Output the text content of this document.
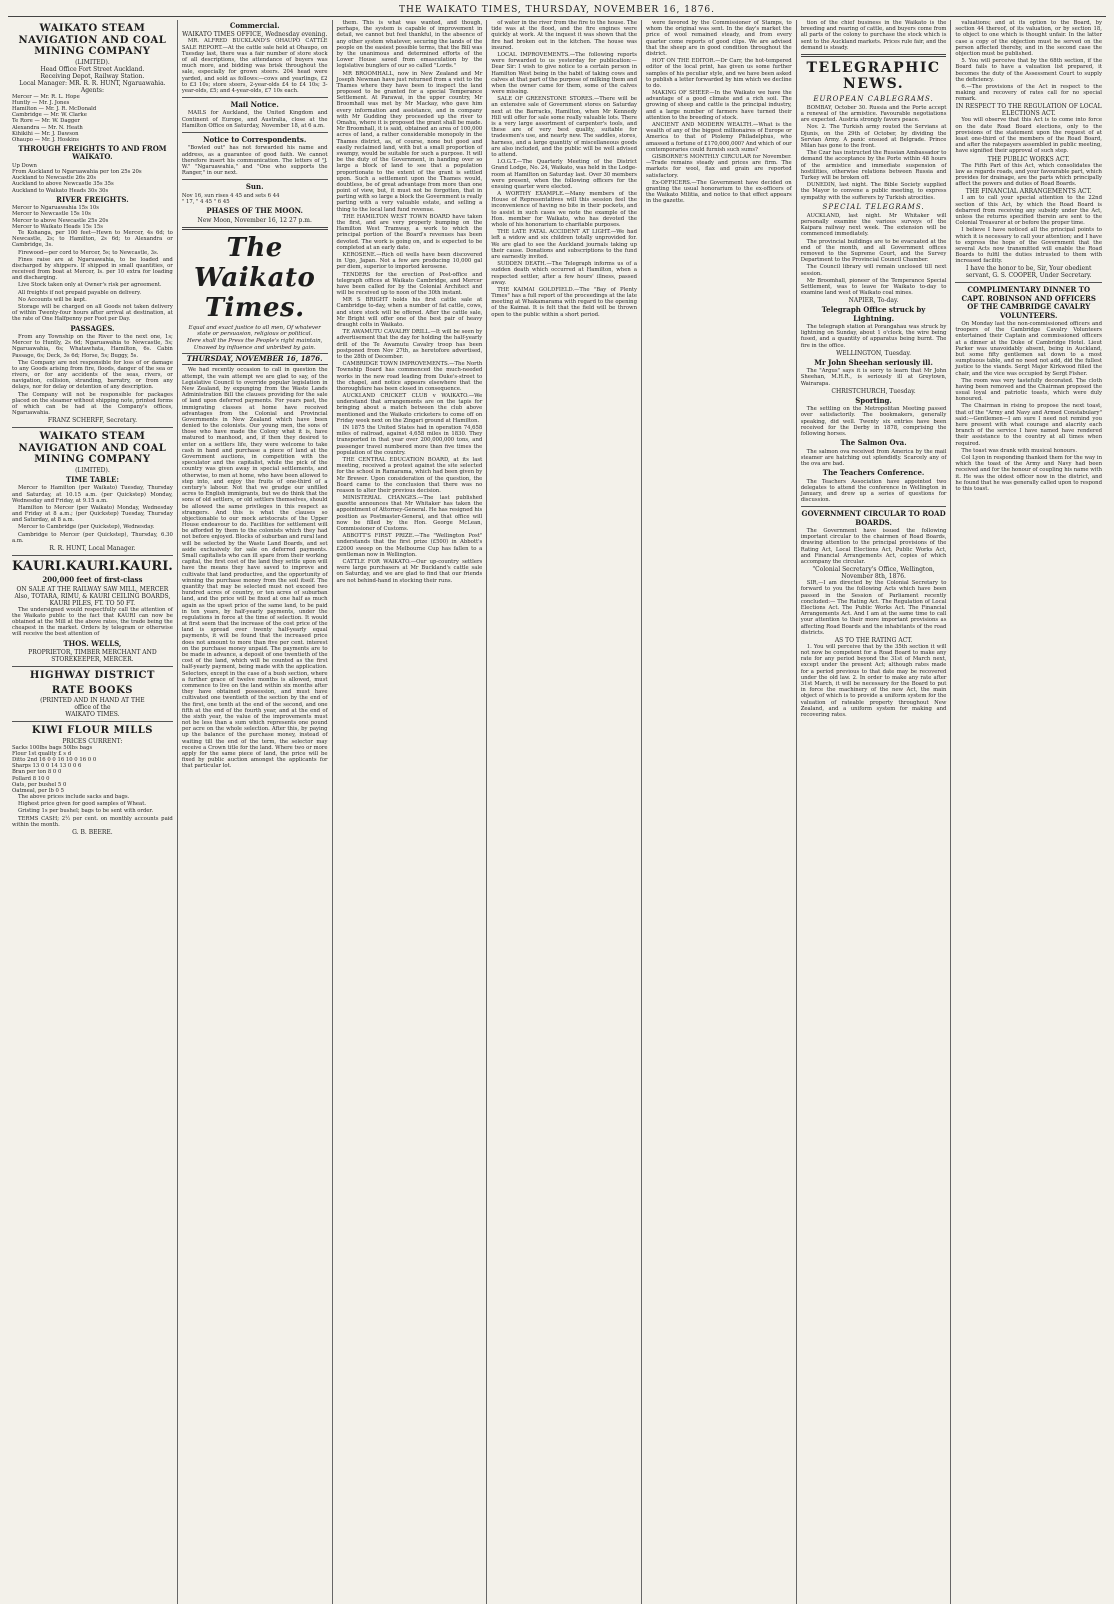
THE WAIKATO TIMES, THURSDAY, NOVEMBER 16, 1876.
WAIKATO STEAM NAVIGATION AND COAL MINING COMPANY
(LIMITED).
Head Office Fort Street Auckland.
Receiving Depot, Railway Station.
Local Manager: MR. R. R. HUNT, Ngaruawahia.
Agents:
Mercer — Mr. R. L. Hope
Huntly — Mr. J. Jones
Hamilton — Mr. J. R. McDonald
Cambridge — Mr. W. Clarke
Te Rore — Mr. W. Dagger
Alexandra — Mr. N. Heath
Kihikihi — Mr. J. Dawson
Ohaupo — Mr. J. Hoskins
THROUGH FREIGHTS TO AND FROM WAIKATO.
Up Down
From Auckland to Ngaruawahia per ton 25s 20s
Auckland to Newcastle 26s 20s
Auckland to above Newcastle 35s 35s
Auckland to Waikato Heads 30s 30s
RIVER FREIGHTS.
Mercer to Ngaruawahia 15s 10s
Mercer to Newcastle 15s 10s
Mercer to above Newcastle 25s 20s
Mercer to Waikato Heads 15s 15s

Te Kohanga, per 100 feet—Hewn to Mercer, 4s 6d; to Newcastle, 2s; to Hamilton, 2s 6d; to Alexandra or Cambridge, 3s.

Firewood—per cord to Mercer, 5s; to Newcastle, 3s.

Fines raise are at Ngaruawahia, to be loaded and discharged by shippers. If shipped in small quantities, or received from boat at Mercer, Is. per 10 extra for loading and discharging.

Live Stock taken only at Owner's risk per agreement.

All freights if not prepaid payable on delivery.

No Accounts will be kept.

Storage will be charged on all Goods not taken delivery of within Twenty-four hours after arrival at destination, at the rate of One Halfpenny per Foot per Day.

PASSAGES.

From any Township on the River to the next one, 1s; Mercer to Huntly, 2s 6d; Ngaruawahia to Newcastle, 5s; Ngaruawahia, 6s; Whatawhata, Hamilton, 6s. Cabin Passage, 6s; Deck, 3s 6d; Horse, 5s; Buggy, 5s.

The Company are not responsible for loss of or damage to any Goods arising from fire, floods, danger of the sea or rivers, or for any accidents of the seas, rivers, or navigation, collision, stranding, barratry, or from any delays, nor for delay or detention of any description.

The Company will not be responsible for packages placed on the steamer without shipping note, printed forms of which can be had at the Company's offices, Ngaruawahia.

FRANZ SCHERFF, Secretary.
WAIKATO STEAM NAVIGATION AND COAL MINING COMPANY
(LIMITED).
TIME TABLE:

Mercer to Hamilton (per Waikato) Tuesday, Thursday and Saturday, at 10.15 a.m. (per Quickstep) Monday, Wednesday and Friday, at 9.15 a.m.

Hamilton to Mercer (per Waikato) Monday, Wednesday and Friday at 8 a.m.; (per Quickstep) Tuesday, Thursday and Saturday, at 8 a.m.

Mercer to Cambridge (per Quickstep), Wednesday.

Cambridge to Mercer (per Quickstep), Thursday, 6.30 a.m.

R. R. HUNT, Local Manager.
KAURI. KAURI. KAURI.
200,000 feet of first-class
ON SALE AT THE RAILWAY SAW MILL, MERCER
Also, TOTARA, RIMU, & KAURI CEILING BOARDS, KAURI PILES, FT. TO 50 FT.

The undersigned would respectfully call the attention of the Waikato public to the fact that KAURI can now be obtained at the Mill at the above rates, the trade being the cheapest in the market. Orders by telegram or otherwise will receive the best attention of

THOS. WELLS,
PROPRIETOR, TIMBER MERCHANT AND STOREKEEPER, MERCER.
HIGHWAY DISTRICT
RATE BOOKS
(PRINTED AND IN HAND AT THE
office of the
WAIKATO TIMES.
KIWI FLOUR MILLS
PRICES CURRENT:
Sacks 100lbs bags 50lbs bags
Flour 1st quality £ s d
Ditto 2nd 16 0 0 16 10 0 16 0 0
Sharps 13 0 0 14 13 0 0 6
Bran per ton 8 0 0
Pollard 8 10 0
Oats, per bushel 5 0
Oatmeal, per lb 0 5

The above prices include sacks and bags.

Highest price given for good samples of Wheat.

Gristing 1s per bushel; bags to be sent with order.

TERMS CASH; 2½ per cent. on monthly accounts paid within the month.

G. B. BEERE.
Commercial.
WAIKATO TIMES OFFICE, Wednesday evening.

MR. ALFRED BUCKLAND'S OHAUPO CATTLE SALE REPORT.—At the cattle sale held at Ohaupo, on Tuesday last, there was a fair number of store stock of all descriptions, the attendance of buyers was much more, and bidding was brisk throughout the sale, especially for grown steers. 204 head were yarded, and sold as follows:—cows and yearlings, £2 to £3 10s; store steers, 2-year-olds £4 to £4 10s; 3-year-olds, £5; and 4-year-olds, £7 10s each.

Mail Notice.

MAILS for Auckland, the United Kingdom and Continent of Europe, and Australia, close at the Hamilton Office on Saturday, November 18, at 6 a.m.

Notice to Correspondents.

"Bowled out" has not forwarded his name and address, as a guarantee of good faith. We cannot therefore insert his communication. The letters of "J. W." "Ngaruawahia," and "One who supports the Ranger," in our next.

Sun.
Nov 16, sun rises 4 45 and sets 6 44
" 17, " 4 45 " 6 45
PHASES OF THE MOON.
New Moon, November 16, 12 27 p.m.
The Waikato Times.
Equal and exact justice to all men, Of whatever state or persuasion, religious or political.
Here shall the Press the People's right maintain, Unawed by influence and unbribed by gain.
THURSDAY, NOVEMBER 16, 1876.

We had recently occasion to call in question the attempt, the vain attempt we are glad to say, of the Legislative Council to override popular legislation in New Zealand, by expunging from the Waste Lands Administration Bill the clauses providing for the sale of land upon deferred payments. For years past, the immigrating classes at home have received advantages from the Colonial and Provincial Governments in New Zealand which have been denied to the colonists. Our young men, the sons of those who have made the Colony what it is, have matured to manhood, and, if then they desired to enter on a settlers life, they were welcome to take cash in hand and purchase a piece of land at the Government auctions, in competition with the speculator and the capitalist, while the pick of the country was given away in special settlements, and otherwise, to men at home, who have been allowed to step into, and enjoy the fruits of one-third of a century's labour. Not that we grudge our unfilled acres to English immigrants, but we do think that the sons of old settlers, or old settlers themselves, should be allowed the same privileges in this respect as strangers. And this is what the clauses so objectionable to our mock aristocrats of the Upper House endeavour to do. Facilities for settlement will be afforded by them to the colonists which they had not before enjoyed. Blocks of suburban and rural land will be selected by the Waste Land Boards, and set aside exclusively for sale on deferred payments. Small capitalists who can ill spare from their working capital, the first cost of the land they settle upon will have the means they have saved to improve and cultivate that land productive, and the opportunity of winning the purchase money from the soil itself. The quantity that may be selected must not exceed two hundred acres of country, or ten acres of suburban land, and the price will be fixed at one half as much again as the upset price of the same land, to be paid in ten years, by half-yearly payments, under the regulations in force at the time of selection. It would at first seem that the increase of the cost price of the land is spread over twenty half-yearly equal payments, it will be found that the increased price does not amount to more than five per cent. interest on the purchase money unpaid. The payments are to be made in advance, a deposit of one twentieth of the cost of the land, which will be counted as the first half-yearly payment, being made with the application. Selectors, except in the case of a bush section, where a further grace of twelve months is allowed, must commence to live on the land within six months after they have obtained possession, and must have cultivated one twentieth of the section by the end of the first, one tenth at the end of the second, and one fifth at the end of the fourth year, and at the end of the sixth year, the value of the improvements must not be less than a sum which represents one pound per acre on the whole selection. After this, by paying up the balance of the purchase money, instead of waiting till the end of the term, the selector may receive a Crown title for the land. Where two or more apply for the same piece of land, the price will be fixed by public auction amongst the applicants for that particular lot.

them. This is what was wanted, and though, perhaps, the system is capable of improvement in detail, we cannot but feel thankful, in the absence of any other system whatever, securing the lands of the people on the easiest possible terms, that the Bill was by the unanimous and determined efforts of the Lower House saved from emasculation by the legislative bunglers of our so called "Lords."

MR BROOMHALL, now in New Zealand and Mr Joseph Newman have just returned from a visit to the Thames where they have been to inspect the land proposed to be granted for a special Temperance Settlement. At Parawai, in the upper country, Mr Broomhall was met by Mr Mackay, who gave him every information and assistance, and in company with Mr Gudding they proceeded up the river to Omahu, where it is proposed the grant shall be made. Mr Broomhall, it is said, obtained an area of 100,000 acres of land, a rather considerable monopoly in the Thames district, as, of course, none but good and easily reclaimed land, with but a small proportion of swampy, would be suitable for such a purpose. It will be the duty of the Government, in handing over so large a block of land to see that a population proportionate to the extent of the grant is settled upon. Such a settlement upon the Thames would, doubtless, be of great advantage from more than one point of view, but, it must not be forgotten, that in parting with so large a block the Government is really parting with a very valuable estate, and selling a thing to the local land fund revenue.

THE HAMILTON WEST TOWN BOARD have taken the first, and are very properly bumping on the Hamilton West Tramway, a work to which the principal portion of the Board's revenues has been devoted. The work is going on, and is expected to be completed at an early date.

KEROSENE.—Rich oil wells have been discovered in Ugo, Japan. Not a few are producing 10,000 gal per diem, superior to imported kerosene.

TENDERS for the erection of Post-office and telegraph offices at Waikato Cambridge, and Mercer have been called for by the Colonial Architect and will be received up to noon of the 30th instant.

MR S BRIGHT holds his first cattle sale at Cambridge to-day, when a number of fat cattle, cows, and store stock will be offered. After the cattle sale, Mr Bright will offer one of the best pair of heavy draught colts in Waikato.

TE AWAMUTU CAVALRY DRILL.—It will be seen by advertisement that the day for holding the half-yearly drill of the Te Awamutu Cavalry troop has been postponed from Nov 27th, as heretofore advertised, to the 28th of December.

CAMBRIDGE TOWN IMPROVEMENTS.—The North Township Board has commenced the much-needed works in the new road leading from Duke's-street to the chapel, and notice appears elsewhere that the thoroughfare has been closed in consequence.

AUCKLAND CRICKET CLUB v WAIKATO.—We understand that arrangements are on the tapis for bringing about a match between the club above mentioned and the Waikato cricketers to come off on Friday week next on the Zingari ground at Hamilton.

IN 1875 the United States had in operation 74,658 miles of railroad, against 4,658 miles in 1830. They transported in that year over 200,000,000 tons, and passenger travel numbered more than five times the population of the country.

THE CENTRAL EDUCATION BOARD, at its last meeting, received a protest against the site selected for the school in Ramarama, which had been given by Mr Brewer. Upon consideration of the question, the Board came to the conclusion that there was no reason to alter their previous decision.

MINISTERIAL CHANGES.—The last published gazette announces that Mr Whitaker has taken the appointment of Attorney-General. He has resigned his position as Postmaster-General, and that office will now be filled by the Hon. George McLean, Commissioner of Customs.

ABBOTT'S FIRST PRIZE.—The "Wellington Post" understands that the first prize (£500) in Abbott's £2000 sweep on the Melbourne Cup has fallen to a gentleman now in Wellington.

CATTLE FOR WAIKATO.—Our up-country settlers were large purchasers at Mr Buckland's cattle sale on Saturday, and we are glad to find that our friends are not behind-hand in stocking their runs.

of water in the river from the fire to the house. The tide was at the flood, and the fire engines were quickly at work. At the inquest it was shown that the fire had broken out in the kitchen. The house was insured.

LOCAL IMPROVEMENTS.—The following reports were forwarded to us yesterday for publication:—Dear Sir: I wish to give notice to a certain person in Hamilton West being in the habit of taking cows and calves at that part of the purpose of milking them and when the owner came for them, some of the calves were missing.

SALE OF GREENSTONE STORES.—There will be an extensive sale of Government stores on Saturday next at the Barracks, Hamilton, when Mr Kennedy Hill will offer for sale some really valuable lots. There is a very large assortment of carpenter's tools, and these are of very best quality, suitable for tradesmen's use, and nearly new. The saddles, stores, harness, and a large quantity of miscellaneous goods are also included, and the public will be well advised to attend.

I.O.G.T.—The Quarterly Meeting of the District Grand Lodge, No. 24, Waikato, was held in the Lodge-room at Hamilton on Saturday last. Over 30 members were present, when the following officers for the ensuing quarter were elected.

A WORTHY EXAMPLE.—Many members of the House of Representatives will this session feel the inconvenience of having no bite in their pockets, and to assist in such cases we note the example of the Hon. member for Waikato, who has devoted the whole of his honorarium to charitable purposes.

THE LATE FATAL ACCIDENT AT LIGHT.—We had left a widow and six children totally unprovided for. We are glad to see the Auckland journals taking up their cause. Donations and subscriptions to the fund are earnestly invited.

SUDDEN DEATH.—The Telegraph informs us of a sudden death which occurred at Hamilton, when a respected settler, after a few hours' illness, passed away.

THE KAIMAI GOLDFIELD.—The "Bay of Plenty Times" has a full report of the proceedings at the late meeting at Whakamarama with regard to the opening of the Kaimai. It is felt that the field will be thrown open to the public within a short period.

were favored by the Commissioner of Stamps, to whom the original was sent. In the day's market the price of wool remained steady, and from every quarter come reports of good clips. We are advised that the sheep are in good condition throughout the district.

HOT ON THE EDITOR.—Dr Carr, the hot-tempered editor of the local print, has given us some further samples of his peculiar style, and we have been asked to publish a letter forwarded by him which we decline to do.

MAKING OF SHEEP.—In the Waikato we have the advantage of a good climate and a rich soil. The growing of sheep and cattle is the principal industry, and a large number of farmers have turned their attention to the breeding of stock.

ANCIENT AND MODERN WEALTH.—What is the wealth of any of the biggest millionaires of Europe or America to that of Ptolemy Philadelphus, who amassed a fortune of £170,000,000? And which of our contemporaries could furnish such sums?

GISBORNE'S MONTHLY CIRCULAR for November.—Trade remains steady and prices are firm. The markets for wool, flax and grain are reported satisfactory.

Ex-OFFICERS.—The Government have decided on granting the usual honorarium to the ex-officers of the Waikato Militia, and notice to that effect appears in the gazette.

tion of the chief business in the Waikato is the breeding and rearing of cattle, and buyers come from all parts of the colony to purchase the stock which is sent to the Auckland markets. Prices rule fair, and the demand is steady.

TELEGRAPHIC NEWS.
EUROPEAN CABLEGRAMS.

BOMBAY, October 30. Russia and the Porte accept a renewal of the armistice. Favourable negotiations are expected. Austria strongly favors peace.

Nov. 2. The Turkish army routed the Servians at Djunis, on the 29th of October, by dividing the Servian Army. A panic ensued at Belgrade. Prince Milan has gone to the front.

The Czar has instructed the Russian Ambassador to demand the acceptance by the Porte within 48 hours of the armistice and immediate suspension of hostilities, otherwise relations between Russia and Turkey will be broken off.

DUNEDIN, last night. The Bible Society supplied the Mayor to convene a public meeting, to express sympathy with the sufferers by Turkish atrocities.

SPECIAL TELEGRAMS.

AUCKLAND, last night. Mr Whitaker will personally examine the various surveys of the Kaipara railway next week. The extension will be commenced immediately.

The provincial buildings are to be evacuated at the end of the month, and all Government offices removed to the Supreme Court, and the Survey Department to the Provincial Council Chamber.

The Council library will remain unclosed till next session.

Mr Broomhall, pioneer of the Temperance Special Settlement, was to leave for Waikato to-day to examine land west of Waikato coal mines.

NAPIER, To-day.
Telegraph Office struck by Lightning.

The telegraph station at Porangahau was struck by lightning on Sunday, about 1 o'clock, the wire being fused, and a quantity of apparatus being burnt. The fire in the office.

WELLINGTON, Tuesday.
Mr John Sheehan seriously ill.

The "Argus" says it is sorry to learn that Mr John Sheehan, M.H.R., is seriously ill at Greytown, Wairarapa.

CHRISTCHURCH, Tuesday.
Sporting.

The settling on the Metropolitan Meeting passed over satisfactorily. The bookmakers, generally speaking, did well. Twenty six entries have been received for the Derby in 1878, comprising the following horses.

The Salmon Ova.

The salmon ova received from America by the mail steamer are hatching out splendidly. Scarcely any of the ova are bad.

The Teachers Conference.

The Teachers Association have appointed two delegates to attend the conference in Wellington in January, and drew up a series of questions for discussion.

GOVERNMENT CIRCULAR TO ROAD BOARDS.

The Government have issued the following important circular to the chairmen of Road Boards, drawing attention to the principal provisions of the Rating Act, Local Elections Act, Public Works Act, and Financial Arrangements Act, copies of which accompany the circular.

"Colonial Secretary's Office, Wellington, November 8th, 1876.

SIR,—I am directed by the Colonial Secretary to forward to you the following Acts which have been passed in the Session of Parliament recently concluded:— The Rating Act. The Regulation of Local Elections Act. The Public Works Act. The Financial Arrangements Act. And I am at the same time to call your attention to their more important provisions as affecting Road Boards and the inhabitants of the road districts.

AS TO THE RATING ACT.

1. You will perceive that by the 35th section it will not now be competent for a Road Board to make any rate for any period beyond the 31st of March next, except under the present Act; although rates made for a period previous to that date may be recovered under the old law. 2. In order to make any rate after 31st March, it will be necessary for the Board to put in force the machinery of the new Act, the main object of which is to provide a uniform system for the valuation of rateable property throughout New Zealand, and a uniform system for making and recovering rates.

valuations; and at its option to the Board, by section 44 thereof, of its valuation, or by section 18, to object to one which is thought unfair. In the latter case a copy of the objection must be served on the person affected thereby, and in the second case the objection must be published.

5. You will perceive that by the 68th section, if the Board fails to have a valuation list prepared, it becomes the duty of the Assessment Court to supply the deficiency.

6.—The provisions of the Act in respect to the making and recovery of rates call for no special remark.

IN RESPECT TO THE REGULATION OF LOCAL ELECTIONS ACT.

You will observe that this Act is to come into force on the date Road Board elections, only to the provisions of the statement upon the request of at least one-third of the members of the Road Board, and after the ratepayers assembled in public meeting, have signified their approval of such step.

THE PUBLIC WORKS ACT.

The Fifth Part of this Act, which consolidates the law as regards roads, and your favourable part, which provides for drainage, are the parts which principally affect the powers and duties of Road Boards.

THE FINANCIAL ARRANGEMENTS ACT.

I am to call your special attention to the 22nd section of this Act, by which the Road Board is debarred from receiving any subsidy under the Act, unless the returns specified therein are sent to the Colonial Treasurer at or before the proper time.

I believe I have noticed all the principal points to which it is necessary to call your attention; and I have to express the hope of the Government that the several Acts now transmitted will enable the Road Boards to fulfil the duties intrusted to them with increased facility.

I have the honor to be, Sir, Your obedient servant, G. S. COOPER, Under Secretary.
COMPLIMENTARY DINNER TO CAPT. ROBINSON AND OFFICERS OF THE CAMBRIDGE CAVALRY VOLUNTEERS.

On Monday last the non-commissioned officers and troopers of the Cambridge Cavalry Volunteers entertained their Captain and commissioned officers at a dinner at the Duke of Cambridge Hotel. Lieut Parker was unavoidably absent, being in Auckland, but some fifty gentlemen sat down to a most sumptuous table, and no need not add, did the fullest justice to the viands. Sergt Major Kirkwood filled the chair, and the vice was occupied by Sergt Fisher.

The room was very tastefully decorated. The cloth having been removed and the Chairman proposed the usual loyal and patriotic toasts, which were duly honoured.

The Chairman in rising to propose the next toast, that of the "Army and Navy and Armed Constabulary" said:—Gentlemen—I am sure I need not remind you here present with what courage and alacrity each branch of the service I have named have rendered their assistance to the country at all times when required.

The toast was drank with musical honours.

Col Lyon in responding thanked them for the way in which the toast of the Army and Navy had been received and for the honour of coupling his name with it. He was the oldest officer now in the district, and he found that he was generally called upon to respond to this toast.
